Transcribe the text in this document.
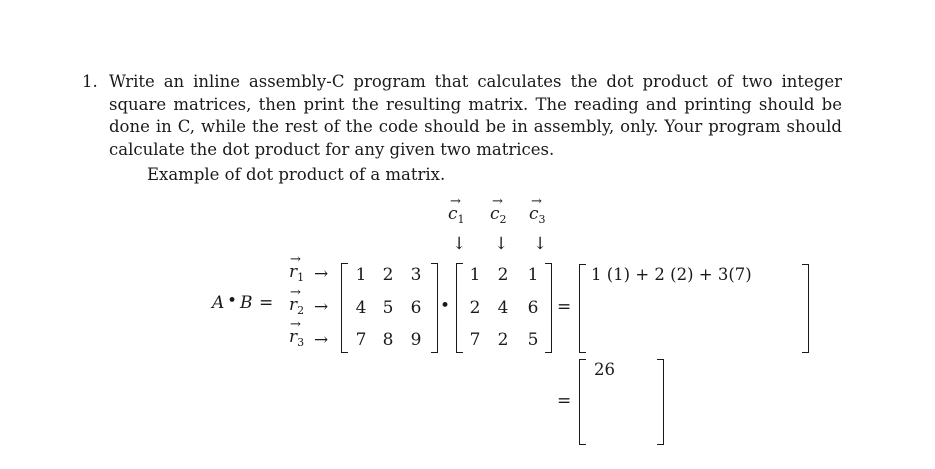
1. Write an inline assembly-C program that calculates the dot product of two integer square matrices, then print the resulting matrix. The reading and printing should be done in C, while the rest of the code should be in assembly, only. Your program should calculate the dot product for any given two matrices.
Example of dot product of a matrix.
A • B =
→
$r_1$ →
→
$r_2$ →
→
$r_3$ →
→
$c_1$
→
$c_2$
→
$c_3$
↓ ↓ ↓
1 2 3
4 5 6
7 8 9
•
1 2 1
2 4 6
7 2 5
=
1 (1) + 2 (2) + 3(7)
=
26
